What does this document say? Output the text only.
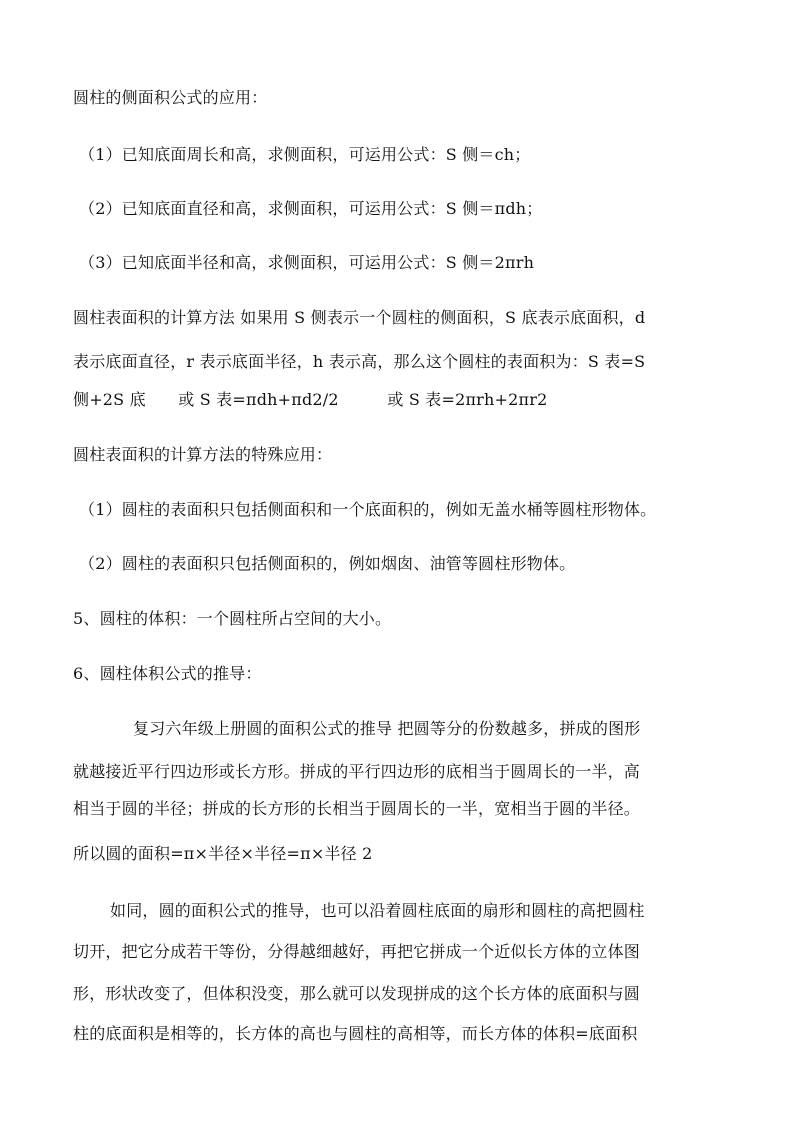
圆柱的侧面积公式的应用：
（1）已知底面周长和高，求侧面积，可运用公式：S 侧＝ch；
（2）已知底面直径和高，求侧面积，可运用公式：S 侧＝πdh；
（3）已知底面半径和高，求侧面积，可运用公式：S 侧＝2πrh
圆柱表面积的计算方法 如果用 S 侧表示一个圆柱的侧面积，S 底表示底面积，d
表示底面直径，r 表示底面半径，h 表示高，那么这个圆柱的表面积为：S 表=S
侧+2S 底　　或 S 表=πdh+πd2/2　　　或 S 表=2πrh+2πr2
圆柱表面积的计算方法的特殊应用：
（1）圆柱的表面积只包括侧面积和一个底面积的，例如无盖水桶等圆柱形物体。
（2）圆柱的表面积只包括侧面积的，例如烟囱、油管等圆柱形物体。
5、圆柱的体积：一个圆柱所占空间的大小。
6、圆柱体积公式的推导：
复习六年级上册圆的面积公式的推导 把圆等分的份数越多，拼成的图形
就越接近平行四边形或长方形。拼成的平行四边形的底相当于圆周长的一半，高
相当于圆的半径；拼成的长方形的长相当于圆周长的一半，宽相当于圆的半径。
所以圆的面积=π×半径×半径=π×半径 2
如同，圆的面积公式的推导，也可以沿着圆柱底面的扇形和圆柱的高把圆柱
切开，把它分成若干等份，分得越细越好，再把它拼成一个近似长方体的立体图
形，形状改变了，但体积没变，那么就可以发现拼成的这个长方体的底面积与圆
柱的底面积是相等的，长方体的高也与圆柱的高相等，而长方体的体积=底面积
